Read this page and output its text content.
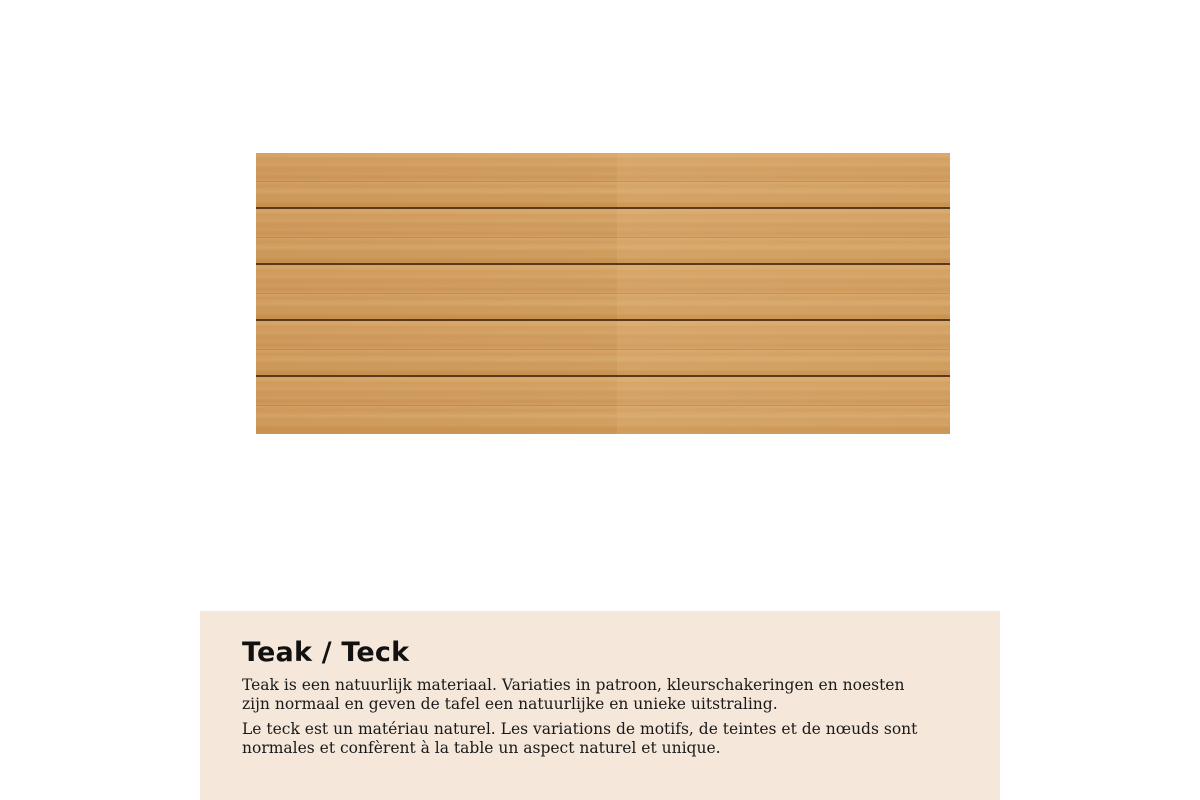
Teak / Teck

Teak is een natuurlijk materiaal. Variaties in patroon, kleurschakeringen en noesten zijn normaal en geven de tafel een natuurlijke en unieke uitstraling.

Le teck est un matériau naturel. Les variations de motifs, de teintes et de nœuds sont normales et confèrent à la table un aspect naturel et unique.
